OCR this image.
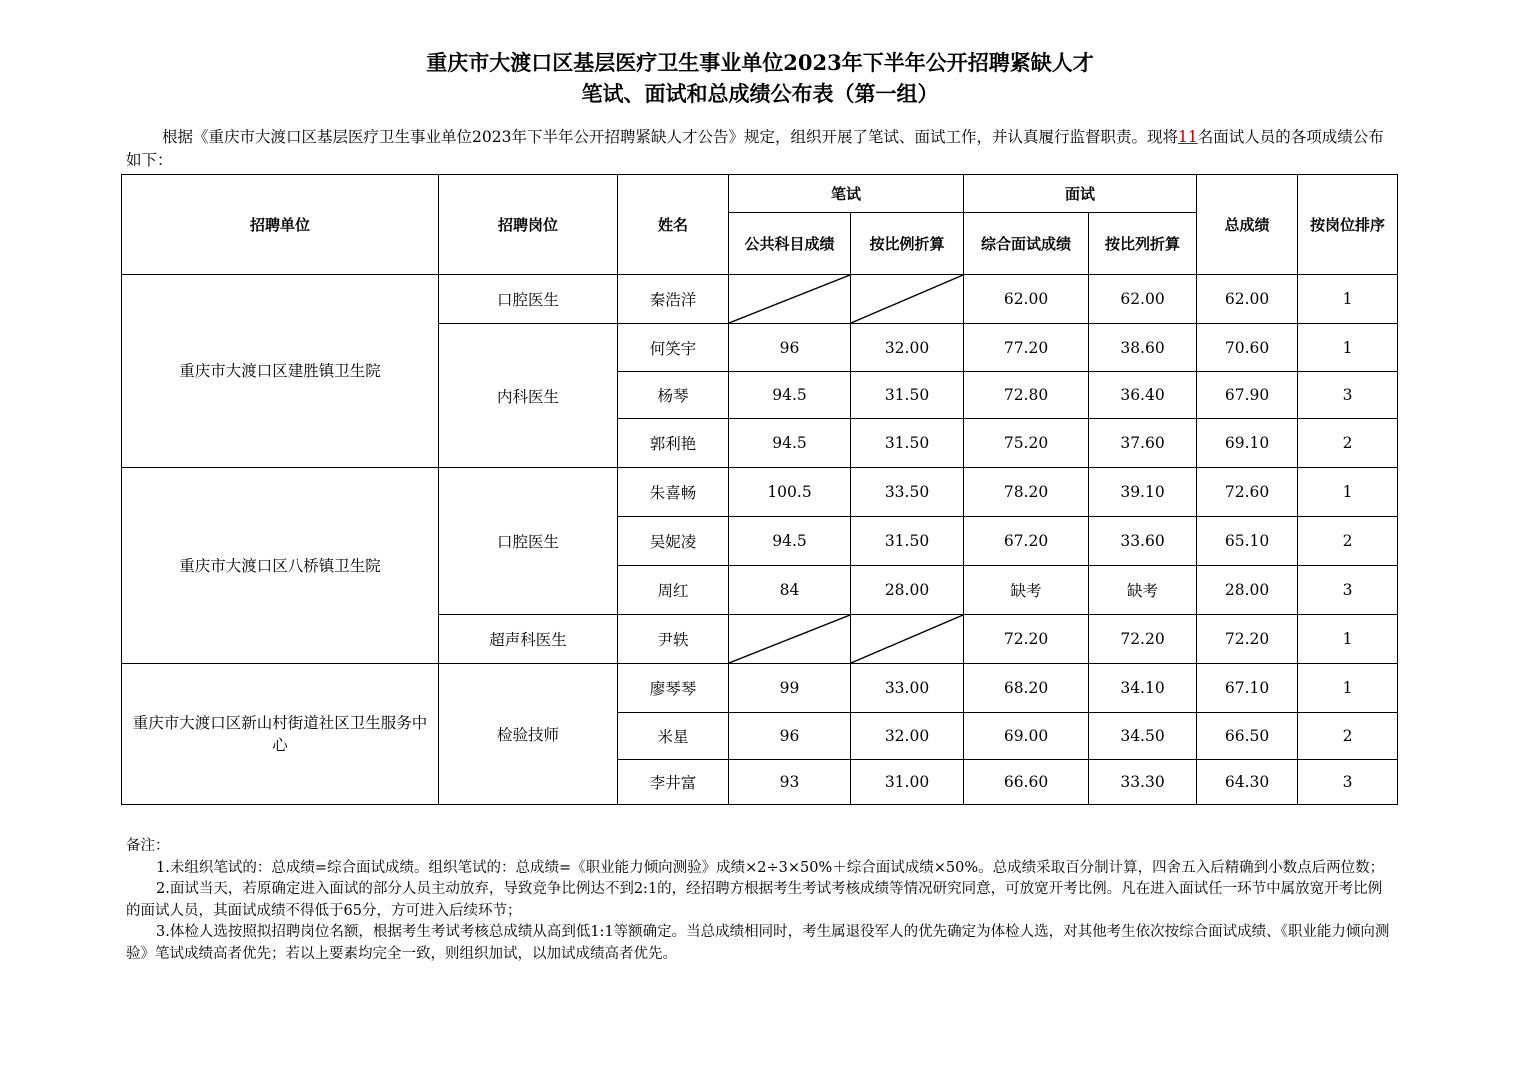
重庆市大渡口区基层医疗卫生事业单位2023年下半年公开招聘紧缺人才
笔试、面试和总成绩公布表（第一组）
根据《重庆市大渡口区基层医疗卫生事业单位2023年下半年公开招聘紧缺人才公告》规定，组织开展了笔试、面试工作，并认真履行监督职责。现将11名面试人员的各项成绩公布如下：
招聘单位	招聘岗位	姓名	笔试		面试		总成绩	按岗位排序
			公共科目成绩	按比例折算	综合面试成绩	按比列折算		

重庆市大渡口区建胜镇卫生院	口腔医生	秦浩洋			62.00	62.00	62.00	1
	内科医生	何笑宇	96	32.00	77.20	38.60	70.60	1
		杨琴	94.5	31.50	72.80	36.40	67.90	3
		郭利艳	94.5	31.50	75.20	37.60	69.10	2

重庆市大渡口区八桥镇卫生院	口腔医生	朱喜畅	100.5	33.50	78.20	39.10	72.60	1
		吴妮凌	94.5	31.50	67.20	33.60	65.10	2
		周红	84	28.00	缺考	缺考	28.00	3
	超声科医生	尹轶			72.20	72.20	72.20	1

重庆市大渡口区新山村街道社区卫生服务中心	检验技师	廖琴琴	99	33.00	68.20	34.10	67.10	1
		米星	96	32.00	69.00	34.50	66.50	2
		李井富	93	31.00	66.60	33.30	64.30	3

备注：

1.未组织笔试的：总成绩=综合面试成绩。组织笔试的：总成绩=《职业能力倾向测验》成绩×2÷3×50%＋综合面试成绩×50%。总成绩采取百分制计算，四舍五入后精确到小数点后两位数；

2.面试当天，若原确定进入面试的部分人员主动放弃，导致竞争比例达不到2:1的，经招聘方根据考生考试考核成绩等情况研究同意，可放宽开考比例。凡在进入面试任一环节中属放宽开考比例的面试人员，其面试成绩不得低于65分，方可进入后续环节；

3.体检人选按照拟招聘岗位名额，根据考生考试考核总成绩从高到低1:1等额确定。当总成绩相同时，考生属退役军人的优先确定为体检人选，对其他考生依次按综合面试成绩、《职业能力倾向测验》笔试成绩高者优先；若以上要素均完全一致，则组织加试，以加试成绩高者优先。
